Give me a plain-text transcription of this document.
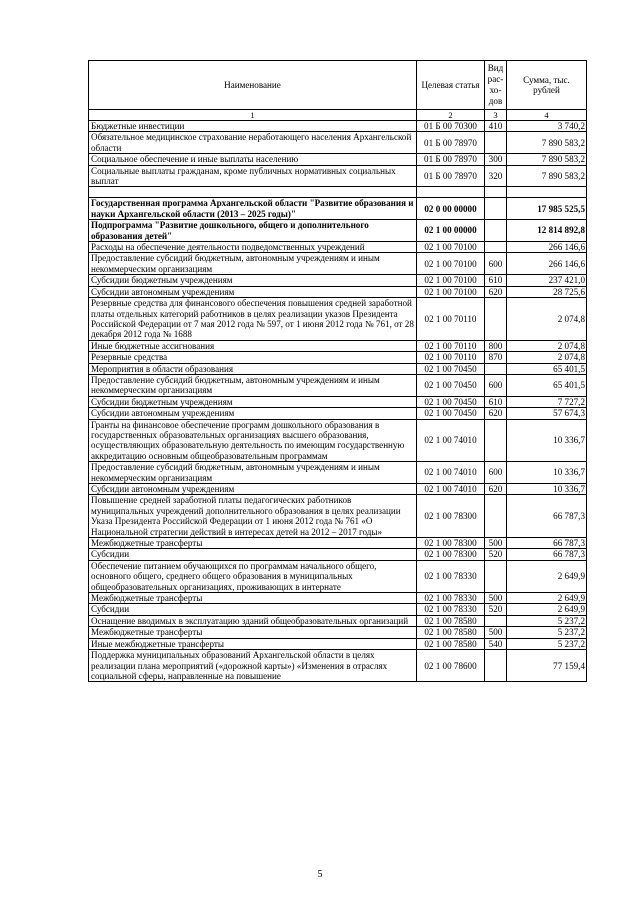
Наименование	Целевая статья	Вид рас-хо-дов	Сумма, тыс. рублей
1	2	3	4
Бюджетные инвестиции	01 Б 00 70300	410	3 740,2
Обязательное медицинское страхование неработающего населения Архангельской области	01 Б 00 78970		7 890 583,2
Социальное обеспечение и иные выплаты населению	01 Б 00 78970	300	7 890 583,2
Социальные выплаты гражданам, кроме публичных нормативных социальных выплат	01 Б 00 78970	320	7 890 583,2

Государственная программа Архангельской области "Развитие образования и науки Архангельской области (2013 – 2025 годы)"	02 0 00 00000		17 985 525,5
Подпрограмма "Развитие дошкольного, общего и дополнительного образования детей"	02 1 00 00000		12 814 892,8
Расходы на обеспечение деятельности подведомственных учреждений	02 1 00 70100		266 146,6
Предоставление субсидий бюджетным, автономным учреждениям и иным некоммерческим организациям	02 1 00 70100	600	266 146,6
Субсидии бюджетным учреждениям	02 1 00 70100	610	237 421,0
Субсидии автономным учреждениям	02 1 00 70100	620	28 725,6
Резервные средства для финансового обеспечения повышения средней заработной платы отдельных категорий работников в целях реализации указов Президента Российской Федерации от 7 мая 2012 года № 597, от 1 июня 2012 года № 761, от 28 декабря 2012 года № 1688	02 1 00 70110		2 074,8
Иные бюджетные ассигнования	02 1 00 70110	800	2 074,8
Резервные средства	02 1 00 70110	870	2 074,8
Мероприятия в области образования	02 1 00 70450		65 401,5
Предоставление субсидий бюджетным, автономным учреждениям и иным некоммерческим организациям	02 1 00 70450	600	65 401,5
Субсидии бюджетным учреждениям	02 1 00 70450	610	7 727,2
Субсидии автономным учреждениям	02 1 00 70450	620	57 674,3
Гранты на финансовое обеспечение программ дошкольного образования в государственных образовательных организациях высшего образования, осуществляющих образовательную деятельность по имеющим государственную аккредитацию основным общеобразовательным программам	02 1 00 74010		10 336,7
Предоставление субсидий бюджетным, автономным учреждениям и иным некоммерческим организациям	02 1 00 74010	600	10 336,7
Субсидии автономным учреждениям	02 1 00 74010	620	10 336,7
Повышение средней заработной платы педагогических работников муниципальных учреждений дополнительного образования в целях реализации Указа Президента Российской Федерации от 1 июня 2012 года № 761 «О Национальной стратегии действий в интересах детей на 2012 – 2017 годы»	02 1 00 78300		66 787,3
Межбюджетные трансферты	02 1 00 78300	500	66 787,3
Субсидии	02 1 00 78300	520	66 787,3
Обеспечение питанием обучающихся по программам начального общего, основного общего, среднего общего образования в муниципальных общеобразовательных организациях, проживающих в интернате	02 1 00 78330		2 649,9
Межбюджетные трансферты	02 1 00 78330	500	2 649,9
Субсидии	02 1 00 78330	520	2 649,9
Оснащение вводимых в эксплуатацию зданий общеобразовательных организаций	02 1 00 78580		5 237,2
Межбюджетные трансферты	02 1 00 78580	500	5 237,2
Иные межбюджетные трансферты	02 1 00 78580	540	5 237,2
Поддержка муниципальных образований Архангельской области в целях реализации плана мероприятий («дорожной карты») «Изменения в отраслях социальной сферы, направленные на повышение	02 1 00 78600		77 159,4
5
